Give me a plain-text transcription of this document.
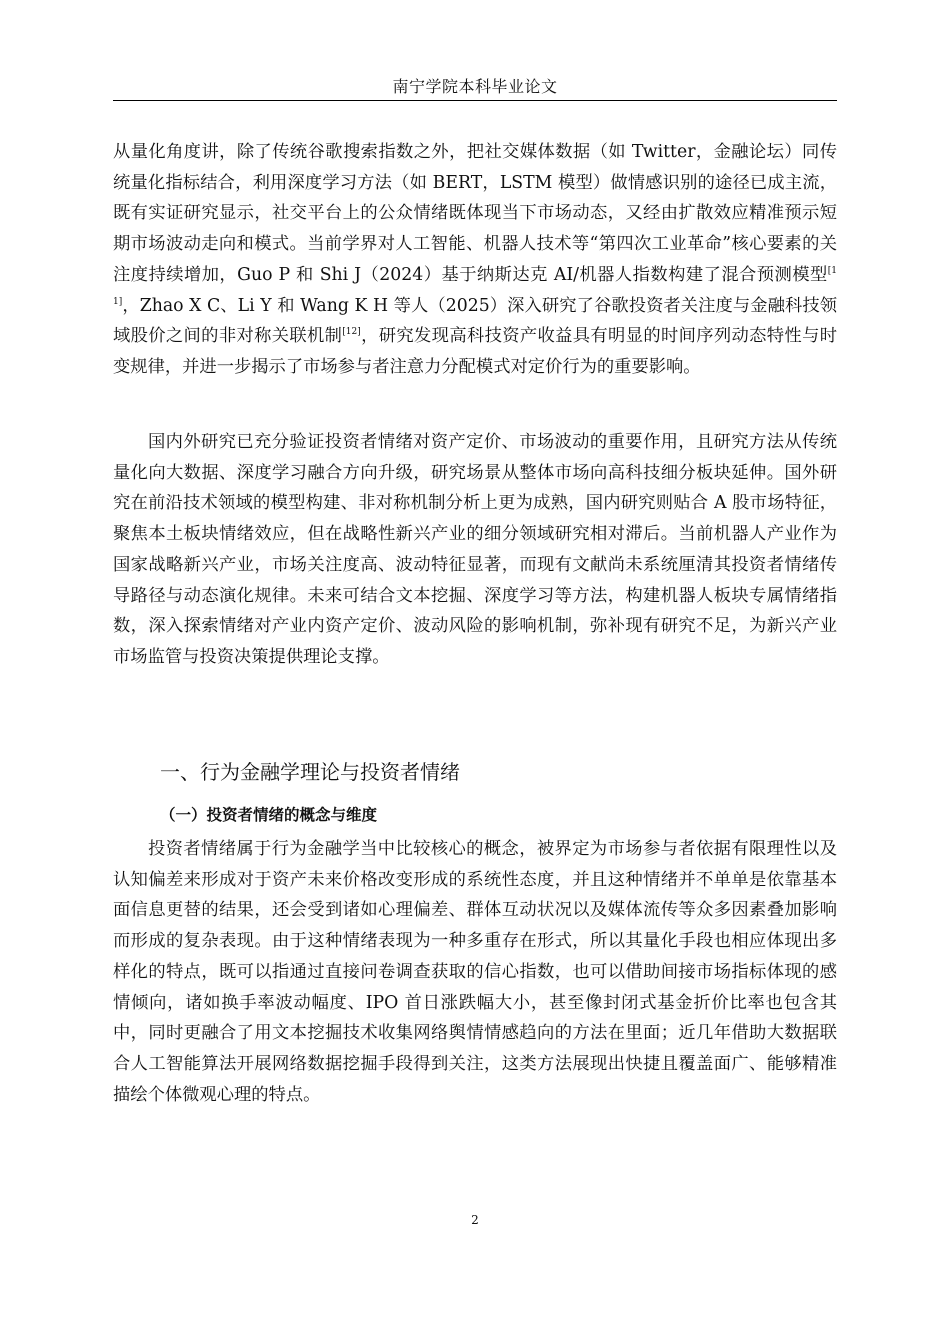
南宁学院本科毕业论文

从量化角度讲，除了传统谷歌搜索指数之外，把社交媒体数据（如 Twitter，金融论坛）同传统量化指标结合，利用深度学习方法（如 BERT，LSTM 模型）做情感识别的途径已成主流，既有实证研究显示，社交平台上的公众情绪既体现当下市场动态，又经由扩散效应精准预示短期市场波动走向和模式。当前学界对人工智能、机器人技术等“第四次工业革命”核心要素的关注度持续增加，Guo P 和 Shi J（2024）基于纳斯达克 AI/机器人指数构建了混合预测模型[11]，Zhao X C、Li Y 和 Wang K H 等人（2025）深入研究了谷歌投资者关注度与金融科技领域股价之间的非对称关联机制[12]，研究发现高科技资产收益具有明显的时间序列动态特性与时变规律，并进一步揭示了市场参与者注意力分配模式对定价行为的重要影响。

国内外研究已充分验证投资者情绪对资产定价、市场波动的重要作用，且研究方法从传统量化向大数据、深度学习融合方向升级，研究场景从整体市场向高科技细分板块延伸。国外研究在前沿技术领域的模型构建、非对称机制分析上更为成熟，国内研究则贴合 A 股市场特征，聚焦本土板块情绪效应，但在战略性新兴产业的细分领域研究相对滞后。当前机器人产业作为国家战略新兴产业，市场关注度高、波动特征显著，而现有文献尚未系统厘清其投资者情绪传导路径与动态演化规律。未来可结合文本挖掘、深度学习等方法，构建机器人板块专属情绪指数，深入探索情绪对产业内资产定价、波动风险的影响机制，弥补现有研究不足，为新兴产业市场监管与投资决策提供理论支撑。

一、行为金融学理论与投资者情绪
（一）投资者情绪的概念与维度

投资者情绪属于行为金融学当中比较核心的概念，被界定为市场参与者依据有限理性以及认知偏差来形成对于资产未来价格改变形成的系统性态度，并且这种情绪并不单单是依靠基本面信息更替的结果，还会受到诸如心理偏差、群体互动状况以及媒体流传等众多因素叠加影响而形成的复杂表现。由于这种情绪表现为一种多重存在形式，所以其量化手段也相应体现出多样化的特点，既可以指通过直接问卷调查获取的信心指数，也可以借助间接市场指标体现的感情倾向，诸如换手率波动幅度、IPO 首日涨跌幅大小，甚至像封闭式基金折价比率也包含其中，同时更融合了用文本挖掘技术收集网络舆情情感趋向的方法在里面；近几年借助大数据联合人工智能算法开展网络数据挖掘手段得到关注，这类方法展现出快捷且覆盖面广、能够精准描绘个体微观心理的特点。

2
